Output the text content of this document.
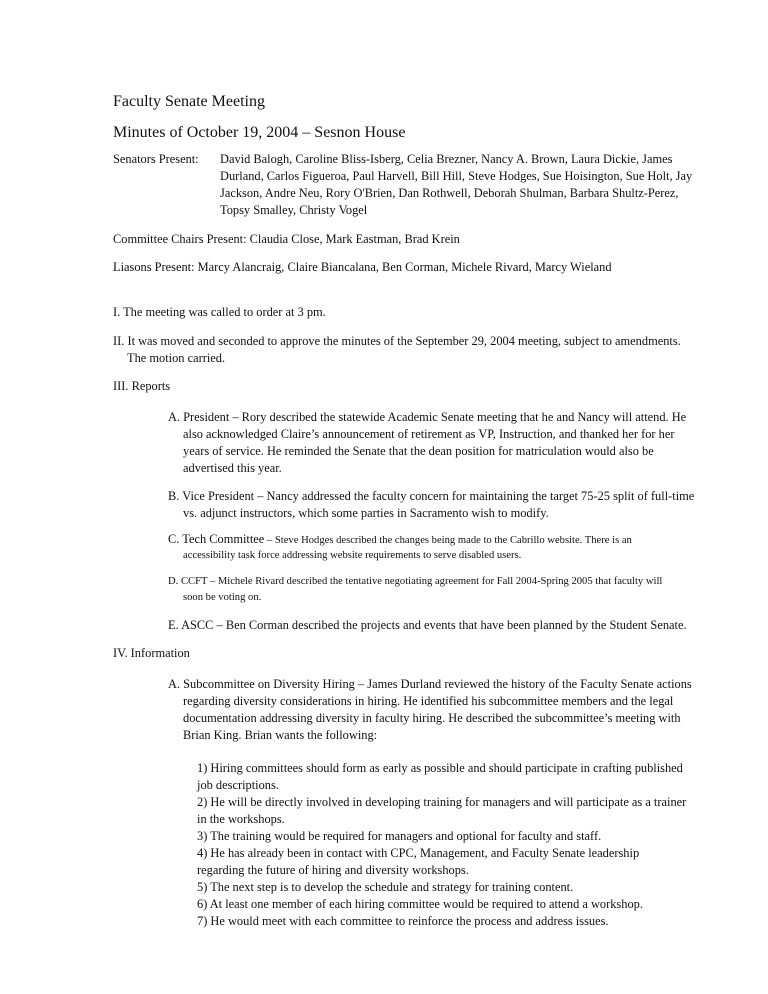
Faculty Senate Meeting

Minutes of October 19, 2004 – Sesnon House

Senators Present: David Balogh, Caroline Bliss-Isberg, Celia Brezner, Nancy A. Brown, Laura Dickie, James

Durland, Carlos Figueroa, Paul Harvell, Bill Hill, Steve Hodges, Sue Hoisington, Sue Holt, Jay

Jackson, Andre Neu, Rory O'Brien, Dan Rothwell, Deborah Shulman, Barbara Shultz-Perez,

Topsy Smalley, Christy Vogel

Committee Chairs Present: Claudia Close, Mark Eastman, Brad Krein

Liasons Present: Marcy Alancraig, Claire Biancalana, Ben Corman, Michele Rivard, Marcy Wieland

I. The meeting was called to order at 3 pm.

II. It was moved and seconded to approve the minutes of the September 29, 2004 meeting, subject to amendments.

The motion carried.

III. Reports

A. President – Rory described the statewide Academic Senate meeting that he and Nancy will attend. He

also acknowledged Claire’s announcement of retirement as VP, Instruction, and thanked her for her

years of service. He reminded the Senate that the dean position for matriculation would also be

advertised this year.

B. Vice President – Nancy addressed the faculty concern for maintaining the target 75-25 split of full-time

vs. adjunct instructors, which some parties in Sacramento wish to modify.

C. Tech Committee – Steve Hodges described the changes being made to the Cabrillo website. There is an

accessibility task force addressing website requirements to serve disabled users.

D. CCFT – Michele Rivard described the tentative negotiating agreement for Fall 2004-Spring 2005 that faculty will

soon be voting on.

E. ASCC – Ben Corman described the projects and events that have been planned by the Student Senate.

IV. Information

A. Subcommittee on Diversity Hiring – James Durland reviewed the history of the Faculty Senate actions

regarding diversity considerations in hiring. He identified his subcommittee members and the legal

documentation addressing diversity in faculty hiring. He described the subcommittee’s meeting with

Brian King. Brian wants the following:

1) Hiring committees should form as early as possible and should participate in crafting published

job descriptions.

2) He will be directly involved in developing training for managers and will participate as a trainer

in the workshops.

3) The training would be required for managers and optional for faculty and staff.

4) He has already been in contact with CPC, Management, and Faculty Senate leadership

regarding the future of hiring and diversity workshops.

5) The next step is to develop the schedule and strategy for training content.

6) At least one member of each hiring committee would be required to attend a workshop.

7) He would meet with each committee to reinforce the process and address issues.
